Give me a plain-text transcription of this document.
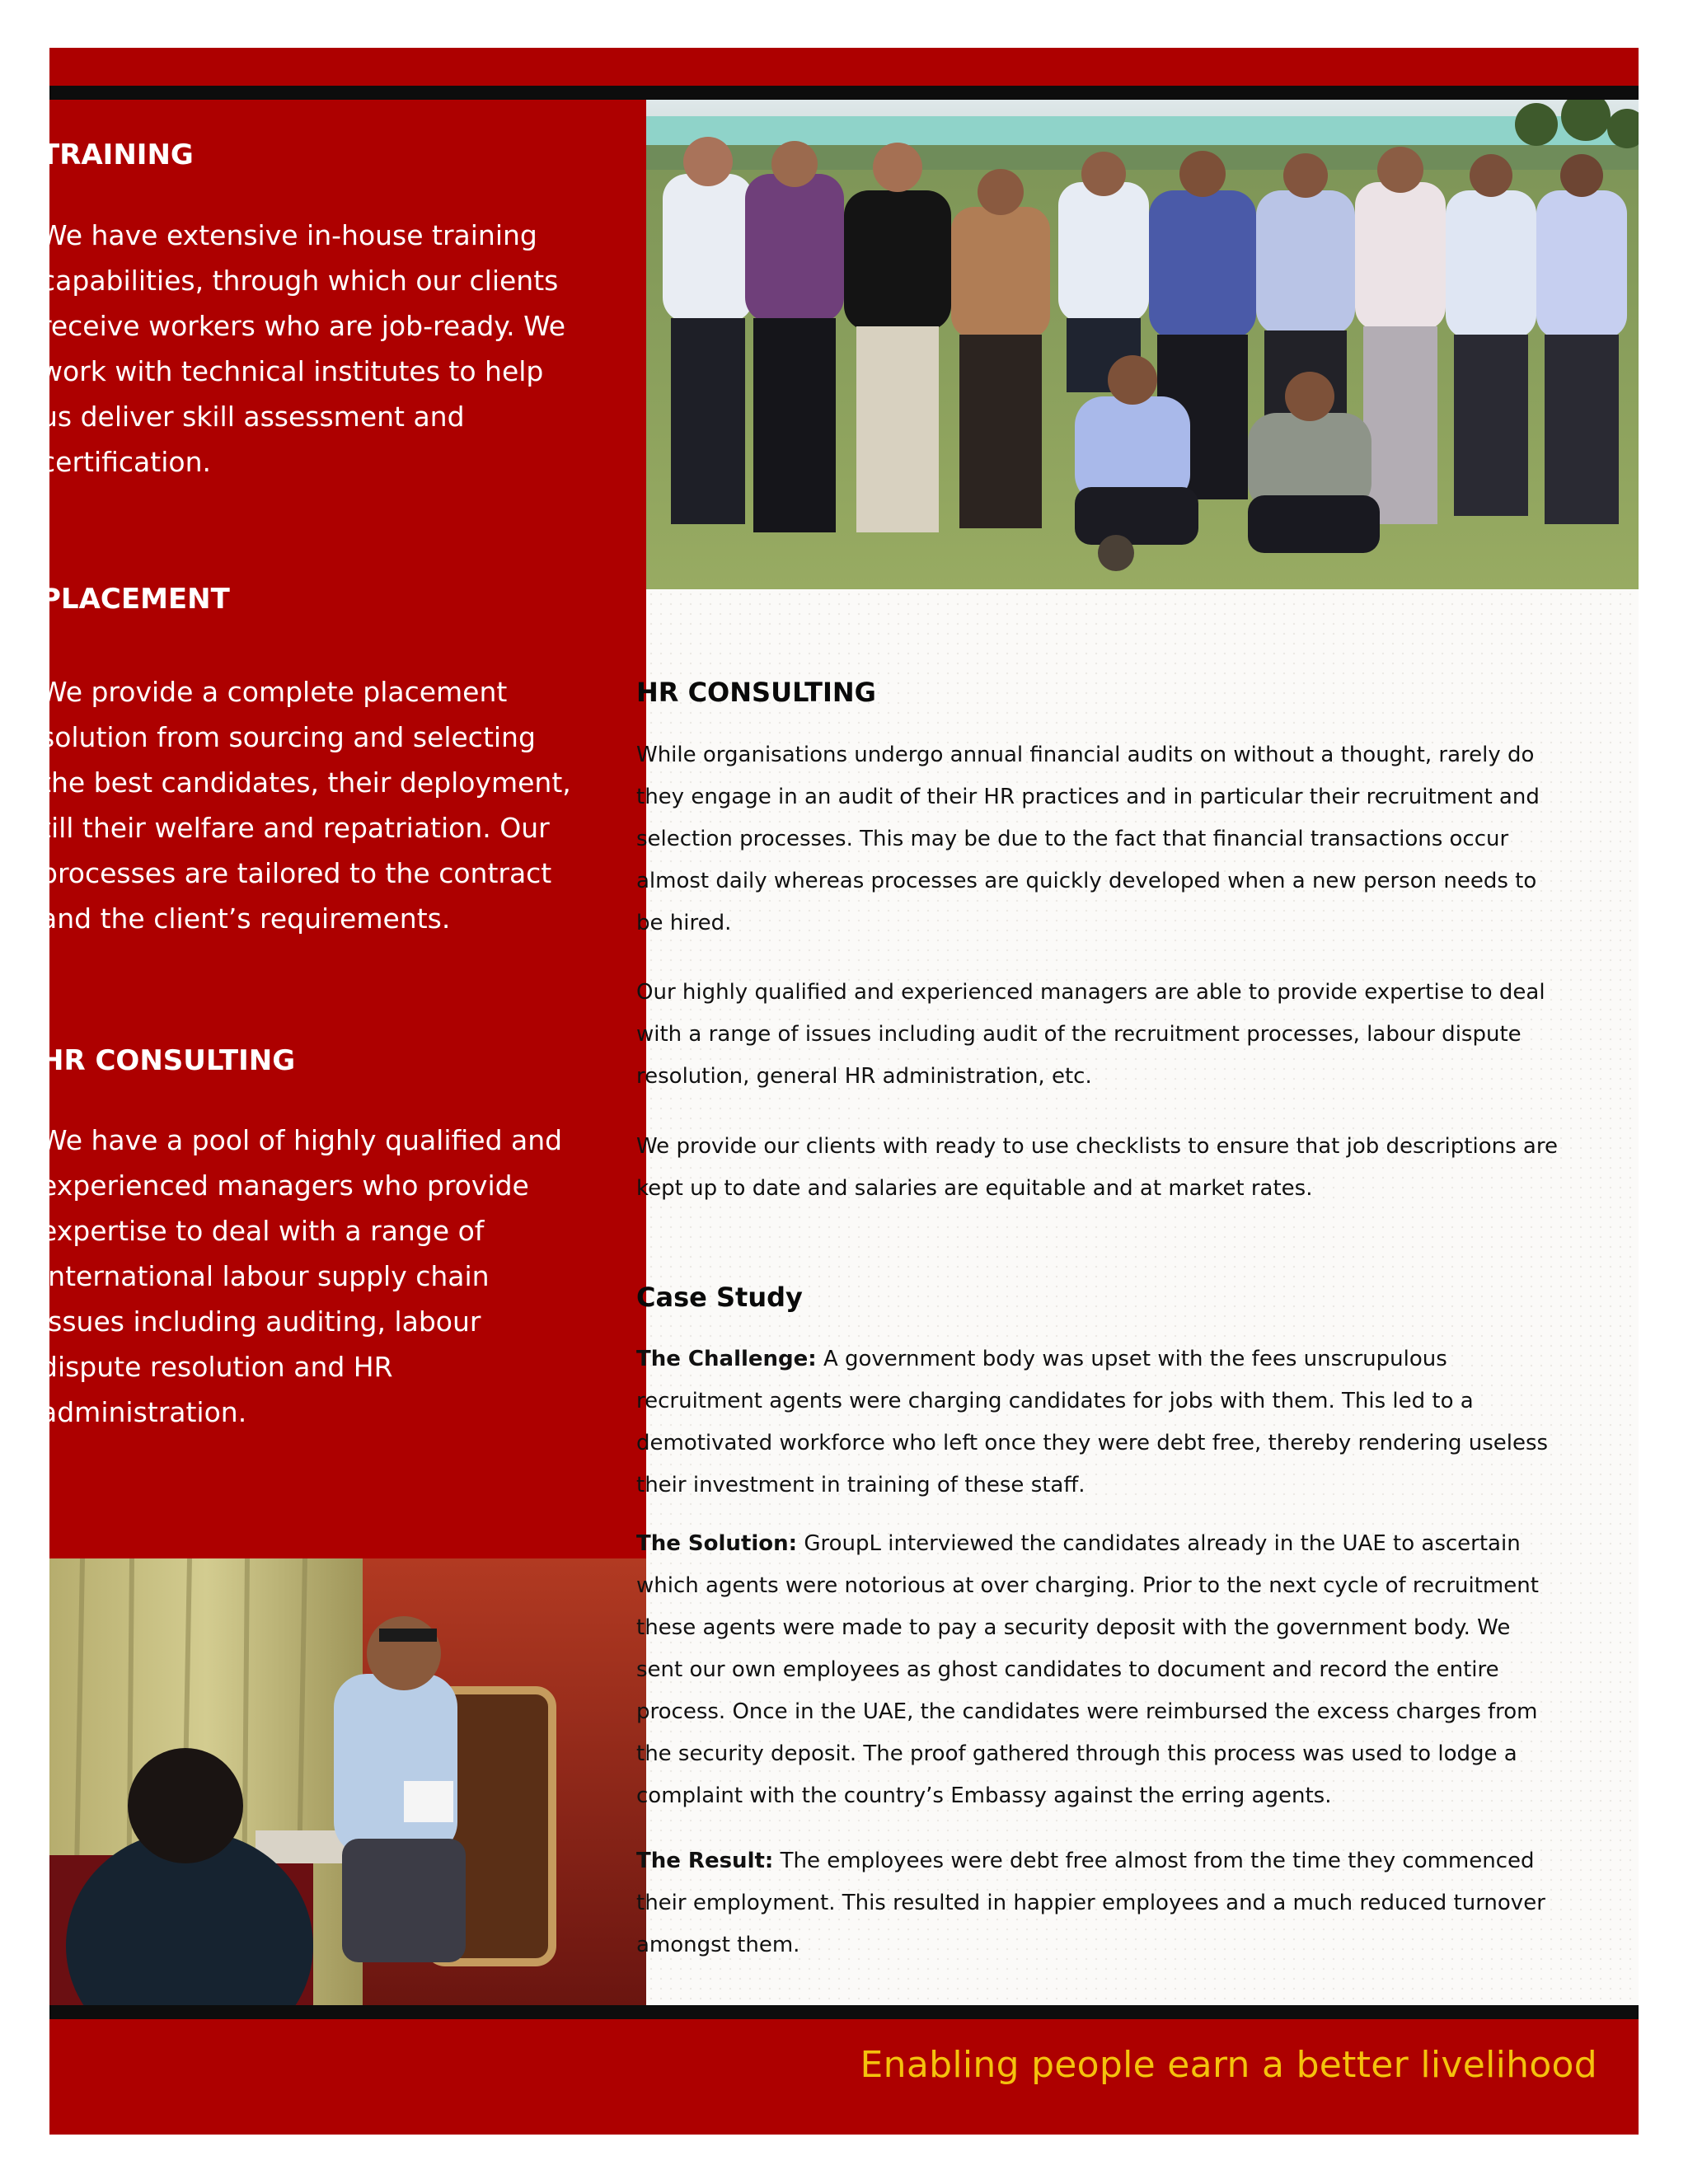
Enabling people earn a better livelihood
TRAINING

We have extensive in-house training capabilities, through which our clients receive workers who are job-ready. We work with technical institutes to help us deliver skill assessment and certification.

PLACEMENT

We provide a complete placement solution from sourcing and selecting the best candidates, their deployment, till their welfare and repatriation. Our processes are tailored to the contract and the client’s requirements.

HR CONSULTING

We have a pool of highly qualified and experienced managers who provide expertise to deal with a range of international labour supply chain issues including auditing, labour dispute resolution and HR administration.

HR CONSULTING

While organisations undergo annual financial audits on without a thought, rarely do they engage in an audit of their HR practices and in particular their recruitment and selection processes. This may be due to the fact that financial transactions occur almost daily whereas processes are quickly developed when a new person needs to be hired.

Our highly qualified and experienced managers are able to provide expertise to deal with a range of issues including audit of the recruitment processes, labour dispute resolution, general HR administration, etc.

We provide our clients with ready to use checklists to ensure that job descriptions are kept up to date and salaries are equitable and at market rates.

Case Study

The Challenge: A government body was upset with the fees unscrupulous recruitment agents were charging candidates for jobs with them. This led to a demotivated workforce who left once they were debt free, thereby rendering useless their investment in training of these staff.

The Solution: GroupL interviewed the candidates already in the UAE to ascertain which agents were notorious at over charging. Prior to the next cycle of recruitment these agents were made to pay a security deposit with the government body. We sent our own employees as ghost candidates to document and record the entire process. Once in the UAE, the candidates were reimbursed the excess charges from the security deposit. The proof gathered through this process was used to lodge a complaint with the country’s Embassy against the erring agents.

The Result: The employees were debt free almost from the time they commenced their employment. This resulted in happier employees and a much reduced turnover amongst them.
